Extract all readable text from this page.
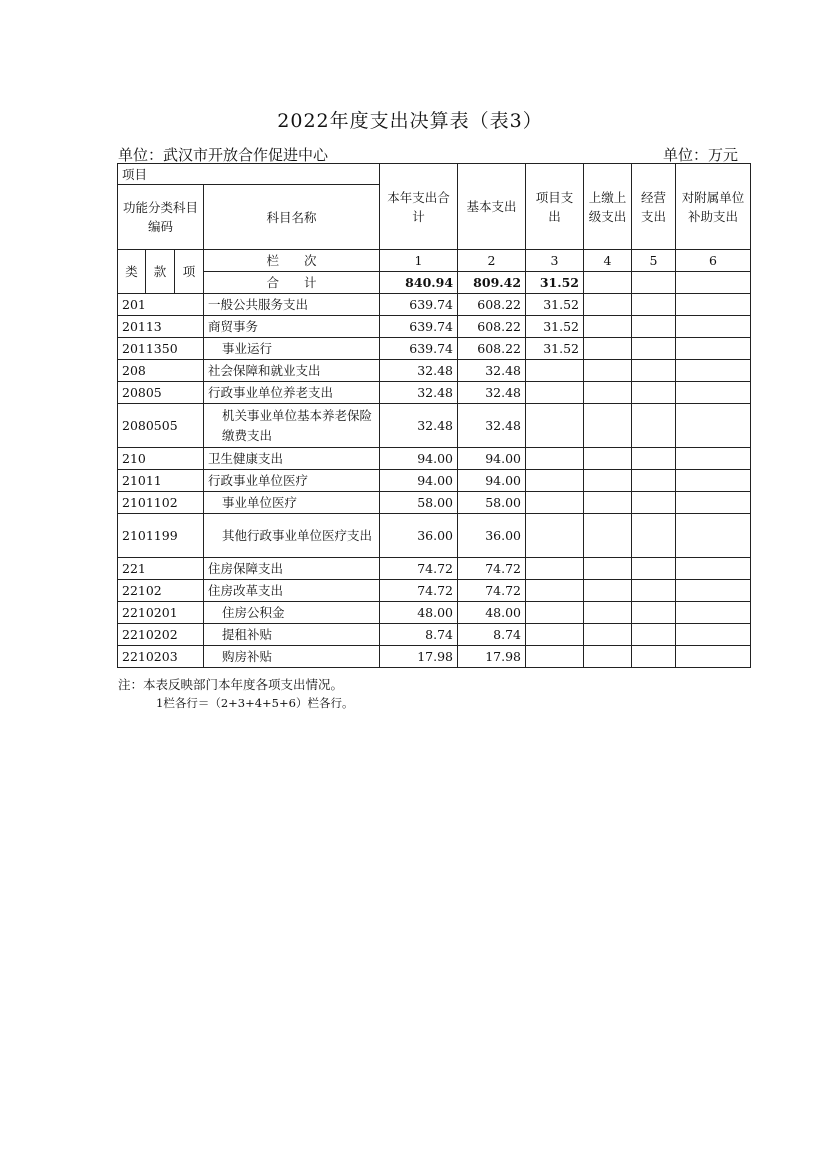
2022年度支出决算表（表3）
单位：武汉市开放合作促进中心	单位：万元
项目				本年支出合计	基本支出	项目支出	上缴上级支出	经营支出	对附属单位补助支出
功能分类科目编码			科目名称						
类	款	项	栏　　次	1	2	3	4	5	6
			合　　计	840.94	809.42	31.52			
201			一般公共服务支出	639.74	608.22	31.52			
20113			商贸事务	639.74	608.22	31.52			
2011350			事业运行	639.74	608.22	31.52			
208			社会保障和就业支出	32.48	32.48				
20805			行政事业单位养老支出	32.48	32.48				
2080505			机关事业单位基本养老保险缴费支出	32.48	32.48				
210			卫生健康支出	94.00	94.00				
21011			行政事业单位医疗	94.00	94.00				
2101102			事业单位医疗	58.00	58.00				
2101199			其他行政事业单位医疗支出	36.00	36.00				
221			住房保障支出	74.72	74.72				
22102			住房改革支出	74.72	74.72				
2210201			住房公积金	48.00	48.00				
2210202			提租补贴	8.74	8.74				
2210203			购房补贴	17.98	17.98				
注：本表反映部门本年度各项支出情况。
1栏各行＝（2+3+4+5+6）栏各行。
